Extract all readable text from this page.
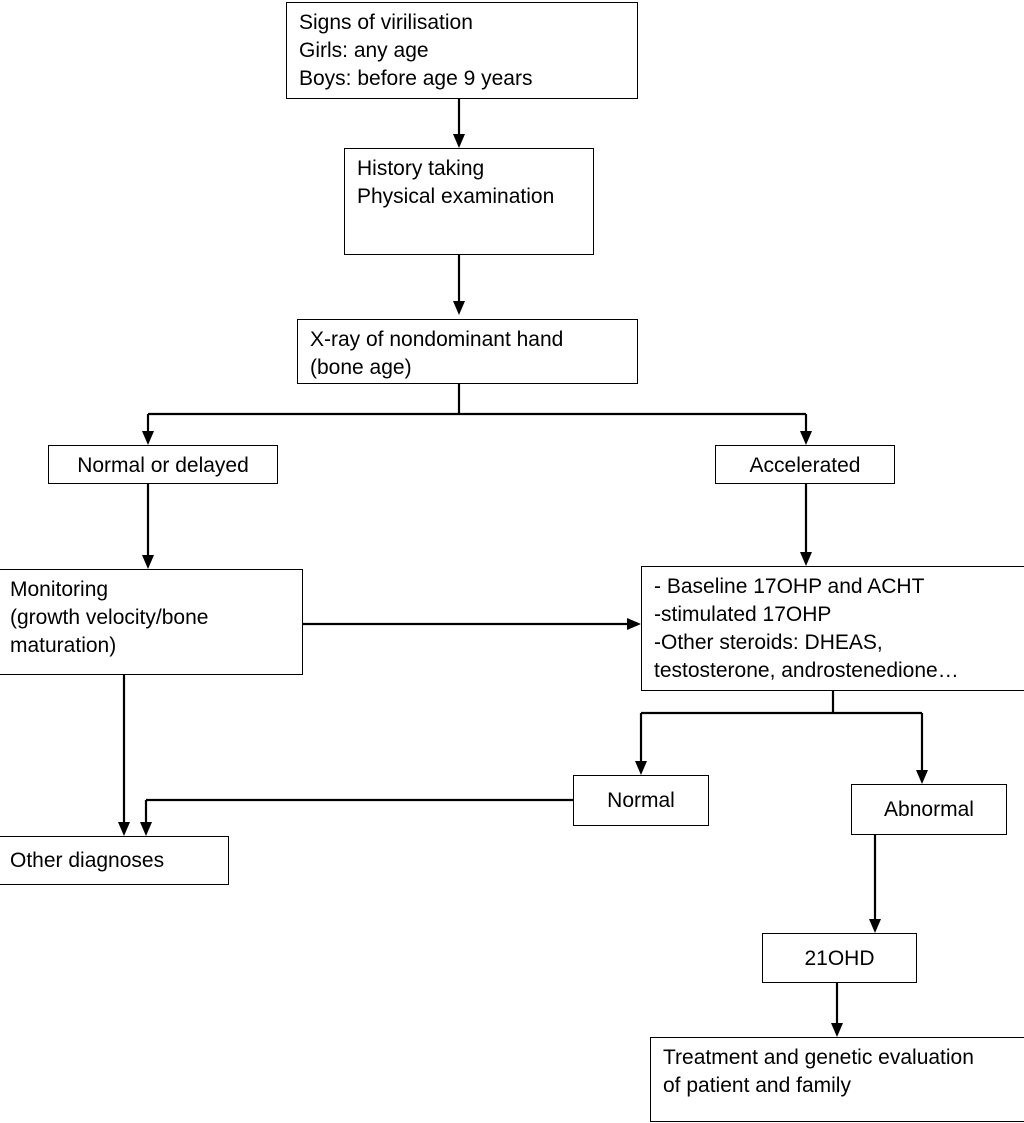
Signs of virilisation
Girls: any age
Boys: before age 9 years
History taking
Physical examination
X-ray of nondominant hand
(bone age)
Normal or delayed	Accelerated
Monitoring
(growth velocity/bone
maturation)
- Baseline 17OHP and ACHT
-stimulated 17OHP
-Other steroids: DHEAS,
testosterone, androstenedione…
Normal	Abnormal
Other diagnoses
21OHD
Treatment and genetic evaluation
of patient and family
